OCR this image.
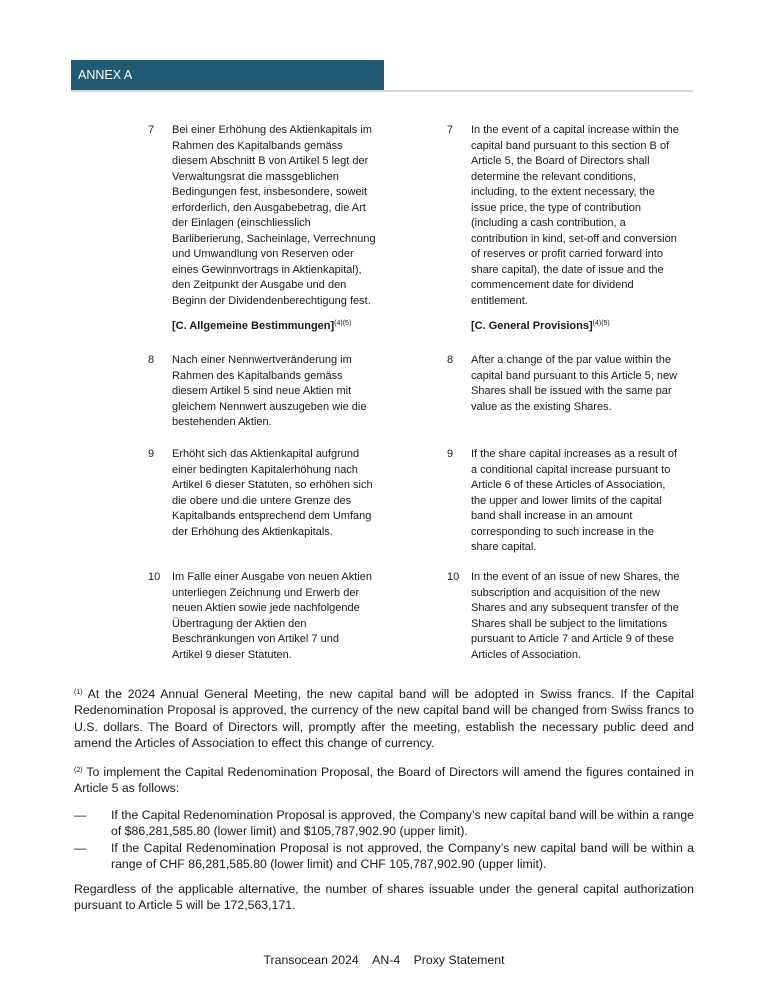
ANNEX A
7 Bei einer Erhöhung des Aktienkapitals im
Rahmen des Kapitalbands gemäss
diesem Abschnitt B von Artikel 5 legt der
Verwaltungsrat die massgeblichen
Bedingungen fest, insbesondere, soweit
erforderlich, den Ausgabebetrag, die Art
der Einlagen (einschliesslich
Barliberierung, Sacheinlage, Verrechnung
und Umwandlung von Reserven oder
eines Gewinnvortrags in Aktienkapital),
den Zeitpunkt der Ausgabe und den
Beginn der Dividendenberechtigung fest.
8 Nach einer Nennwertveränderung im
Rahmen des Kapitalbands gemäss
diesem Artikel 5 sind neue Aktien mit
gleichem Nennwert auszugeben wie die
bestehenden Aktien.
9 Erhöht sich das Aktienkapital aufgrund
einer bedingten Kapitalerhöhung nach
Artikel 6 dieser Statuten, so erhöhen sich
die obere und die untere Grenze des
Kapitalbands entsprechend dem Umfang
der Erhöhung des Aktienkapitals.
10 Im Falle einer Ausgabe von neuen Aktien
unterliegen Zeichnung und Erwerb der
neuen Aktien sowie jede nachfolgende
Übertragung der Aktien den
Beschränkungen von Artikel 7 und
Artikel 9 dieser Statuten.
7 In the event of a capital increase within the
capital band pursuant to this section B of
Article 5, the Board of Directors shall
determine the relevant conditions,
including, to the extent necessary, the
issue price, the type of contribution
(including a cash contribution, a
contribution in kind, set-off and conversion
of reserves or profit carried forward into
share capital), the date of issue and the
commencement date for dividend
entitlement.
8 After a change of the par value within the
capital band pursuant to this Article 5, new
Shares shall be issued with the same par
value as the existing Shares.
9 If the share capital increases as a result of
a conditional capital increase pursuant to
Article 6 of these Articles of Association,
the upper and lower limits of the capital
band shall increase in an amount
corresponding to such increase in the
share capital.
10 In the event of an issue of new Shares, the
subscription and acquisition of the new
Shares and any subsequent transfer of the
Shares shall be subject to the limitations
pursuant to Article 7 and Article 9 of these
Articles of Association.
[C. Allgemeine Bestimmungen]$^{(4)(5)}$	[C. General Provisions]$^{(4)(5)}$
$^{(1)}$ At the 2024 Annual General Meeting, the new capital band will be adopted in Swiss francs. If the Capital Redenomination Proposal is approved, the currency of the new capital band will be changed from Swiss francs to U.S. dollars. The Board of Directors will, promptly after the meeting, establish the necessary public deed and amend the Articles of Association to effect this change of currency.
$^{(2)}$ To implement the Capital Redenomination Proposal, the Board of Directors will amend the figures contained in Article 5 as follows:
— If the Capital Redenomination Proposal is approved, the Company’s new capital band will be within a range of $86,281,585.80 (lower limit) and $105,787,902.90 (upper limit).
— If the Capital Redenomination Proposal is not approved, the Company’s new capital band will be within a range of CHF 86,281,585.80 (lower limit) and CHF 105,787,902.90 (upper limit).
Regardless of the applicable alternative, the number of shares issuable under the general capital authorization pursuant to Article 5 will be 172,563,171.
Transocean 2024 AN-4 Proxy Statement
